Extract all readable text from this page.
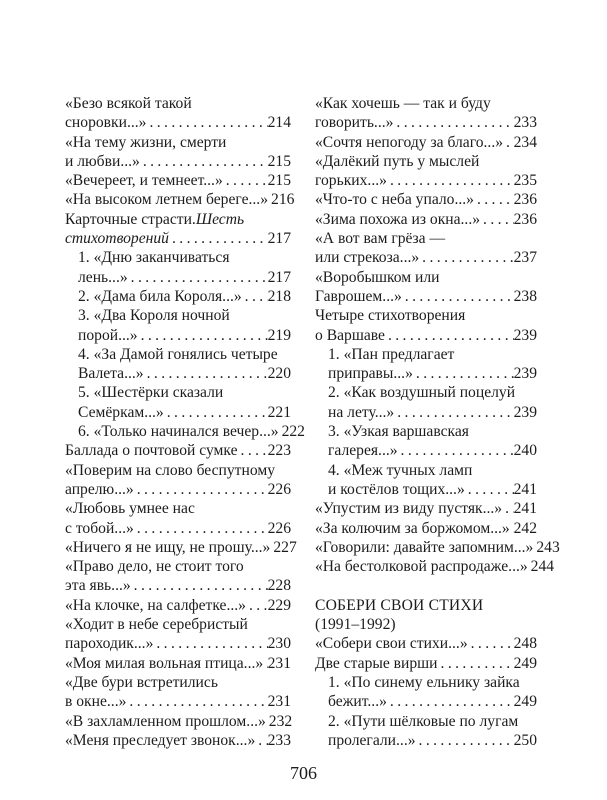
«Безо всякой такой
сноровки...» . . .	214
«На тему жизни, смерти
и любви...» . . .	215
«Вечереет, и темнеет...» . . .	215
«На высоком летнем береге...» . . . 216
Карточные страсти. Шесть
стихотворений . . .	217
1. «Дню заканчиваться
лень...» . . .	217
2. «Дама била Короля...» . . . 218
3. «Два Короля ночной
порой...» . . .	219
4. «За Дамой гонялись четыре
Валета...» . . .	220
5. «Шестёрки сказали
Семёркам...» . . .	221
6. «Только начинался вечер...» . . . 222
Баллада о почтовой сумке . . . 223
«Поверим на слово беспутному
апрелю...» . . .	226
«Любовь умнее нас
с тобой...» . . .	226
«Ничего я не ищу, не прошу...» . . . 227
«Право дело, не стоит того
эта явь...» . . .	228
«На клочке, на салфетке...» . . . 229
«Ходит в небе серебристый
пароходик...» . . .	230
«Моя милая вольная птица...» . . . 231
«Две бури встретились
в окне...» . . .	231
«В захламленном прошлом...» . . . 232
«Меня преследует звонок...» . . . 233
«Как хочешь — так и буду
говорить...» . . .	233
«Сочтя непогоду за благо...» . . . 234
«Далёкий путь у мыслей
горьких...» . . .	235
«Что-то с неба упало...» . . .	236
«Зима похожа из окна...» . . . 236
«А вот вам грёза —
или стрекоза...» . . .	237
«Воробышком или
Гаврошем...» . . .	238
Четыре стихотворения
о Варшаве . . .	239
1. «Пан предлагает
приправы...» . . .	239
2. «Как воздушный поцелуй
на лету...» . . .	239
3. «Узкая варшавская
галерея...» . . .	240
4. «Меж тучных ламп
и костёлов тощих...» . . .	241
«Упустим из виду пустяк...» . . . 241
«За колючим за боржомом...» . . . 242
«Говорили: давайте запомним...» . . . 243
«На бестолковой распродаже...» . . . 244
СОБЕРИ СВОИ СТИХИ
(1991–1992)
«Собери свои стихи...» . . .	248
Две старые вирши . . .	249
1. «По синему ельнику зайка
бежит...» . . .	249
2. «Пути шёлковые по лугам
пролегали...» . . .	250
706
